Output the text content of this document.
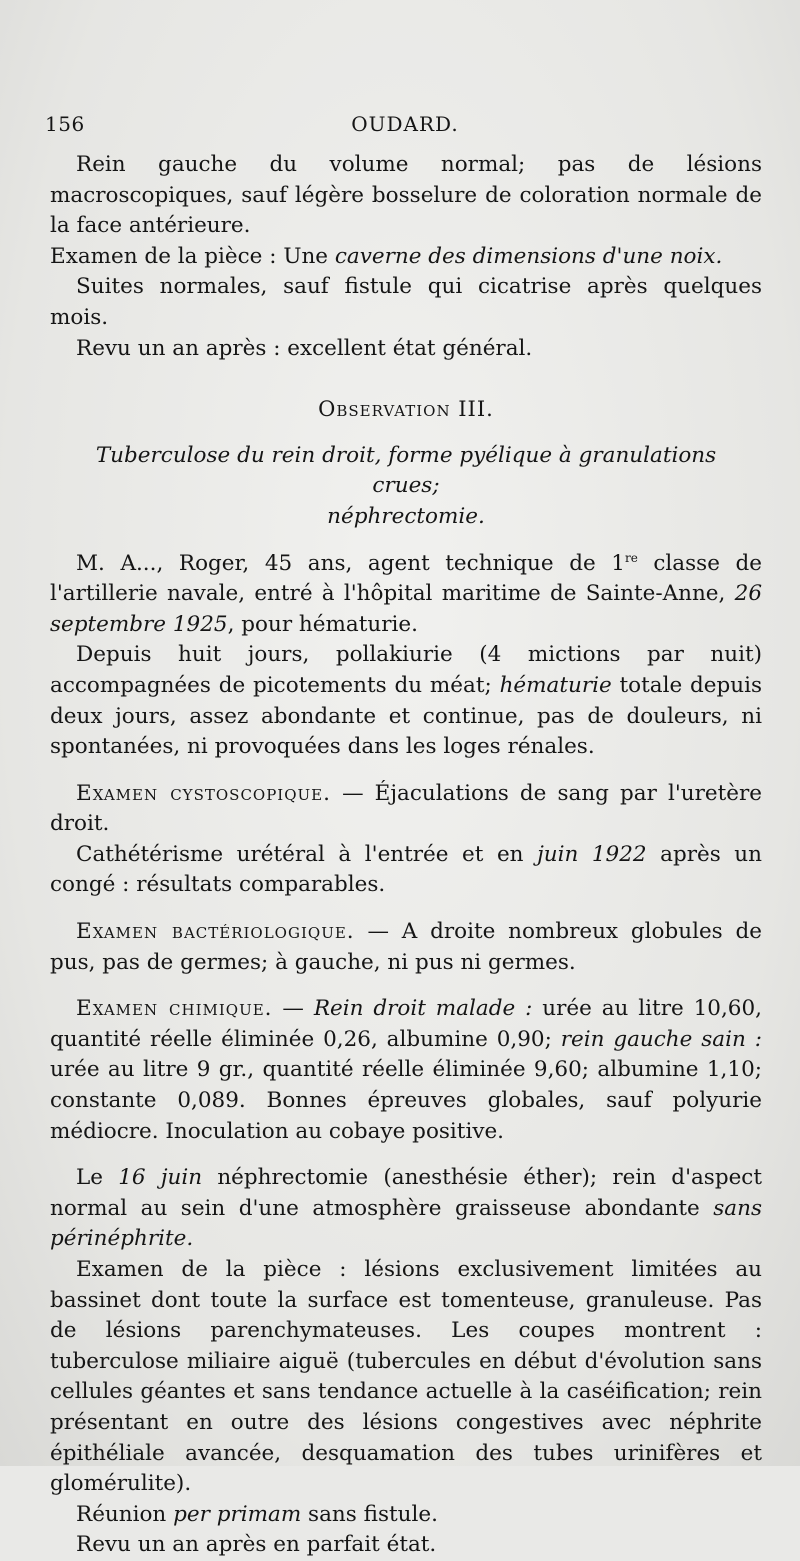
156	OUDARD.

Rein gauche du volume normal; pas de lésions macroscopiques, sauf légère bosselure de coloration normale de la face antérieure.

Examen de la pièce : Une caverne des dimensions d'une noix.

Suites normales, sauf fistule qui cicatrise après quelques mois.

Revu un an après : excellent état général.

Observation III.

Tuberculose du rein droit, forme pyélique à granulations crues;
néphrectomie.

M. A..., Roger, 45 ans, agent technique de 1re classe de l'artillerie navale, entré à l'hôpital maritime de Sainte-Anne, 26 septembre 1925, pour hématurie.

Depuis huit jours, pollakiurie (4 mictions par nuit) accompagnées de picotements du méat; hématurie totale depuis deux jours, assez abondante et continue, pas de douleurs, ni spontanées, ni provoquées dans les loges rénales.

Examen cystoscopique. — Éjaculations de sang par l'uretère droit.

Cathétérisme urétéral à l'entrée et en juin 1922 après un congé : résultats comparables.

Examen bactériologique. — A droite nombreux globules de pus, pas de germes; à gauche, ni pus ni germes.

Examen chimique. — Rein droit malade : urée au litre 10,60, quantité réelle éliminée 0,26, albumine 0,90; rein gauche sain : urée au litre 9 gr., quantité réelle éliminée 9,60; albumine 1,10; constante 0,089. Bonnes épreuves globales, sauf polyurie médiocre. Inoculation au cobaye positive.

Le 16 juin néphrectomie (anesthésie éther); rein d'aspect normal au sein d'une atmosphère graisseuse abondante sans périnéphrite.

Examen de la pièce : lésions exclusivement limitées au bassinet dont toute la surface est tomenteuse, granuleuse. Pas de lésions parenchymateuses. Les coupes montrent : tuberculose miliaire aiguë (tubercules en début d'évolution sans cellules géantes et sans tendance actuelle à la caséification; rein présentant en outre des lésions congestives avec néphrite épithéliale avancée, desquamation des tubes urinifères et glomérulite).

Réunion per primam sans fistule.

Revu un an après en parfait état.
